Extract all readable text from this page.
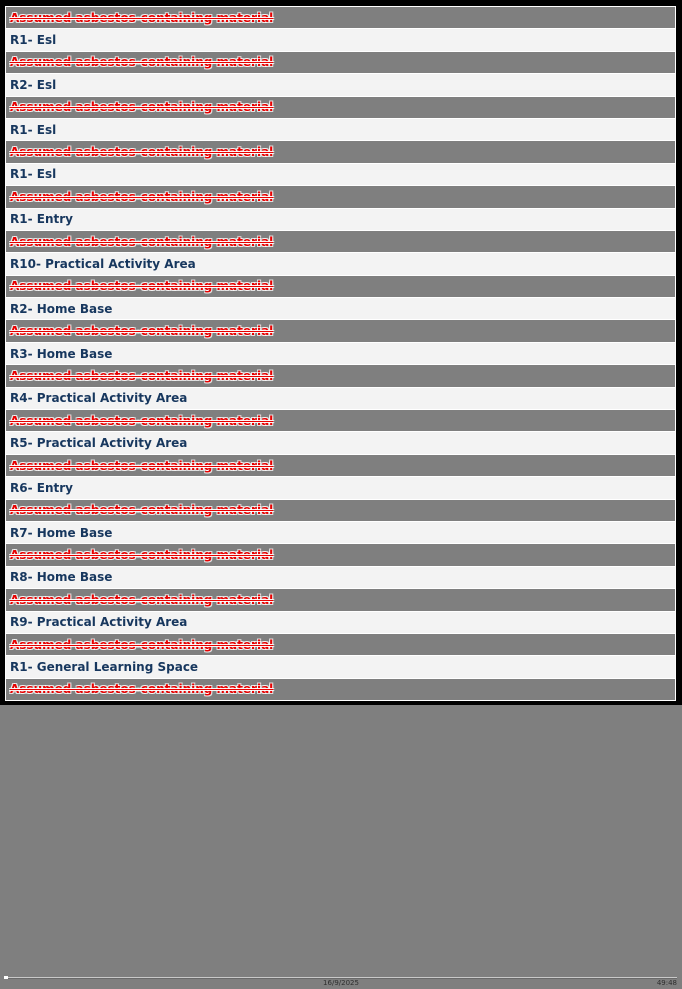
Assumed asbestos-containing material
R1- Esl
Assumed asbestos-containing material
R2- Esl
Assumed asbestos-containing material
R1- Esl
Assumed asbestos-containing material
R1- Esl
Assumed asbestos-containing material
R1- Entry
Assumed asbestos-containing material
R10- Practical Activity Area
Assumed asbestos-containing material
R2- Home Base
Assumed asbestos-containing material
R3- Home Base
Assumed asbestos-containing material
R4- Practical Activity Area
Assumed asbestos-containing material
R5- Practical Activity Area
Assumed asbestos-containing material
R6- Entry
Assumed asbestos-containing material
R7- Home Base
Assumed asbestos-containing material
R8- Home Base
Assumed asbestos-containing material
R9- Practical Activity Area
Assumed asbestos-containing material
R1- General Learning Space
Assumed asbestos-containing material
16/9/2025	49:48
